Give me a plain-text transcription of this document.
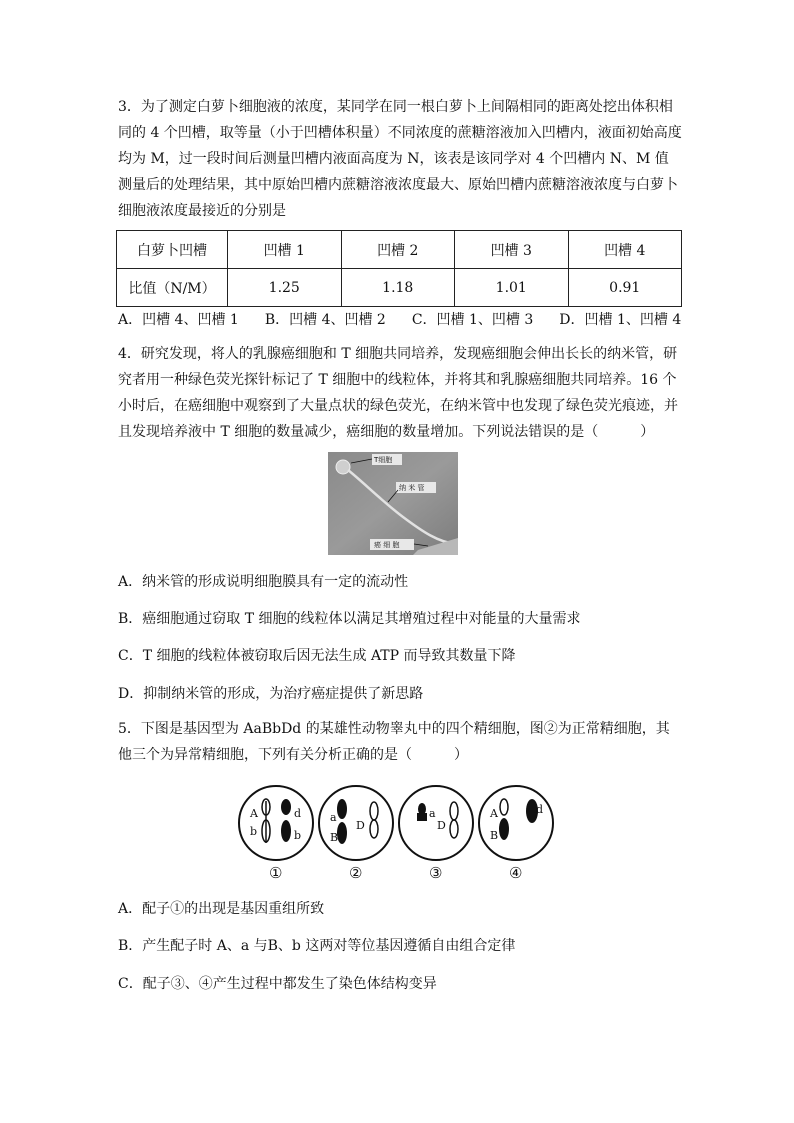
3．为了测定白萝卜细胞液的浓度，某同学在同一根白萝卜上间隔相同的距离处挖出体积相同的 4 个凹槽，取等量（小于凹槽体积量）不同浓度的蔗糖溶液加入凹槽内，液面初始高度均为 M，过一段时间后测量凹槽内液面高度为 N，该表是该同学对 4 个凹槽内 N、M 值测量后的处理结果，其中原始凹槽内蔗糖溶液浓度最大、原始凹槽内蔗糖溶液浓度与白萝卜细胞液浓度最接近的分别是

白萝卜凹槽	凹槽 1	凹槽 2	凹槽 3	凹槽 4
比值（N/M）	1.25	1.18	1.01	0.91
A．凹槽 4、凹槽 1 B．凹槽 4、凹槽 2 C．凹槽 1、凹槽 3 D．凹槽 1、凹槽 4

4．研究发现，将人的乳腺癌细胞和 T 细胞共同培养，发现癌细胞会伸出长长的纳米管，研究者用一种绿色荧光探针标记了 T 细胞中的线粒体，并将其和乳腺癌细胞共同培养。16 个小时后，在癌细胞中观察到了大量点状的绿色荧光，在纳米管中也发现了绿色荧光痕迹，并且发现培养液中 T 细胞的数量减少，癌细胞的数量增加。下列说法错误的是（　　　）

T细胞
纳 米 管
癌 细 胞

A．纳米管的形成说明细胞膜具有一定的流动性

B．癌细胞通过窃取 T 细胞的线粒体以满足其增殖过程中对能量的大量需求

C．T 细胞的线粒体被窃取后因无法生成 ATP 而导致其数量下降

D．抑制纳米管的形成，为治疗癌症提供了新思路

5．下图是基因型为 AaBbDd 的某雄性动物睾丸中的四个精细胞，图②为正常精细胞，其他三个为异常精细胞，下列有关分析正确的是（　　　）

A
b
d
b
①
a
B
D
②
a
D
③
A
B
d
④

A．配子①的出现是基因重组所致

B．产生配子时 A、a 与B、b 这两对等位基因遵循自由组合定律

C．配子③、④产生过程中都发生了染色体结构变异
